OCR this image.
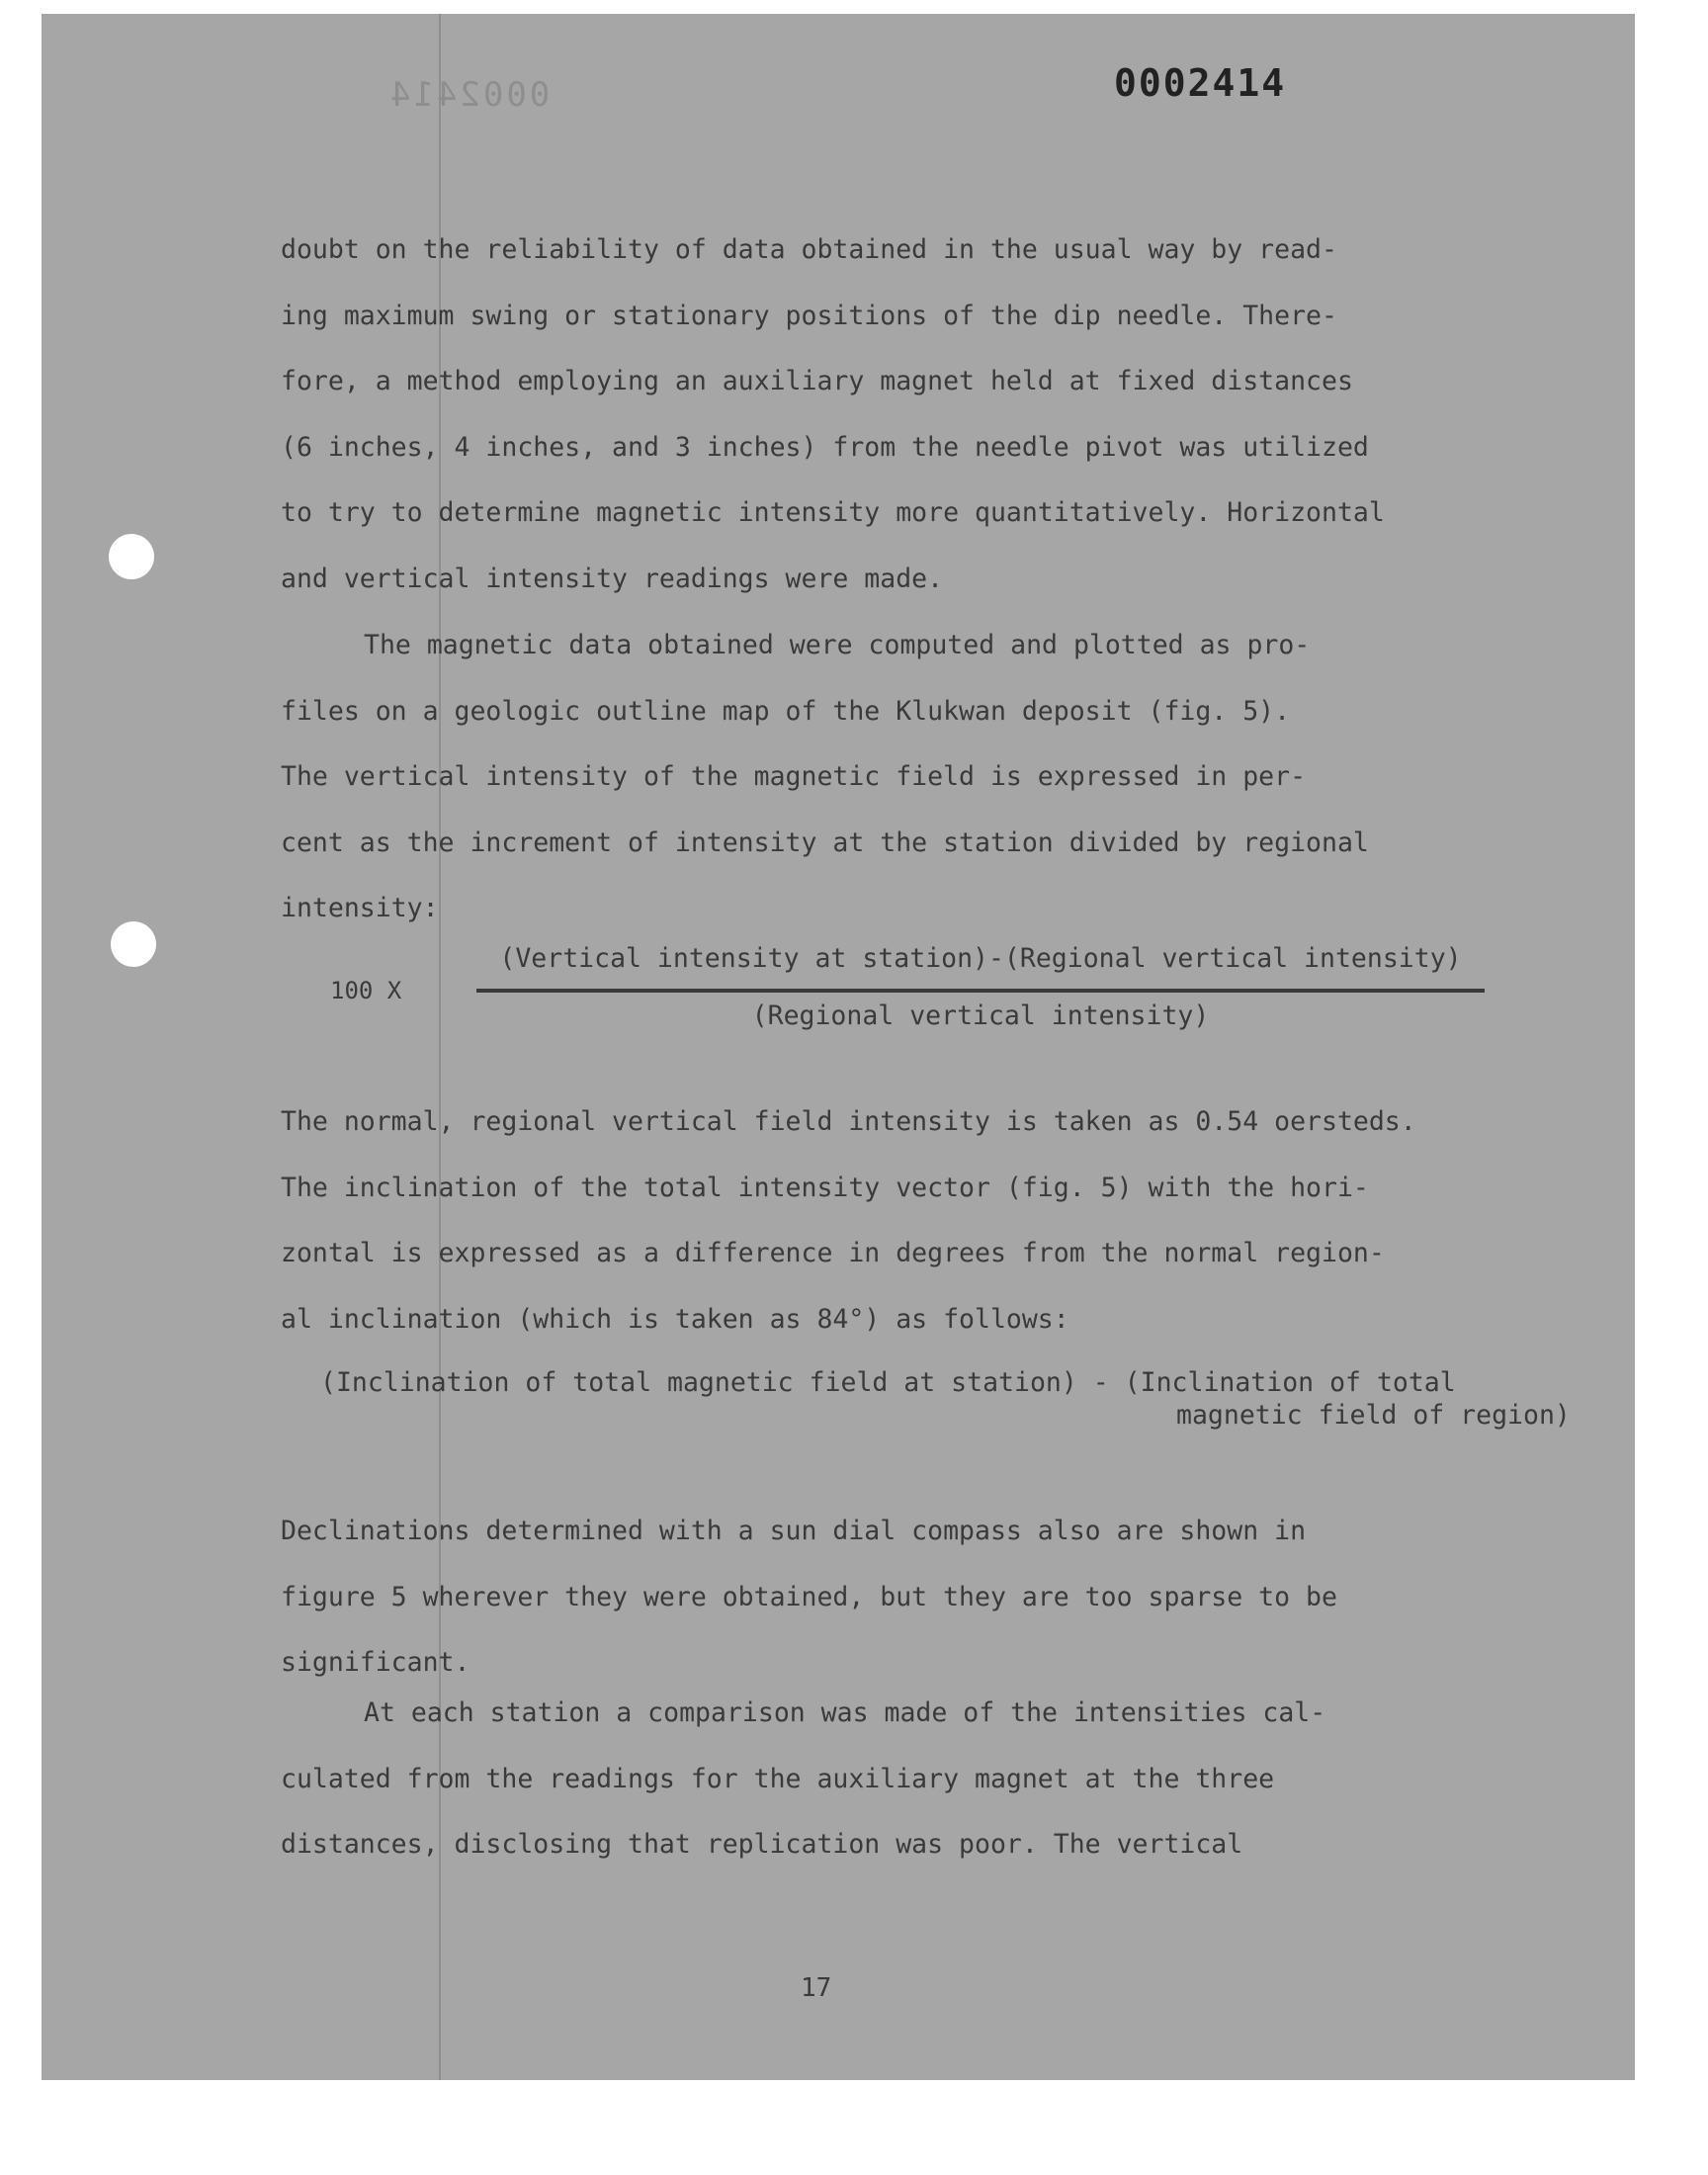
0002414	0002414

doubt on the reliability of data obtained in the usual way by read-
ing maximum swing or stationary positions of the dip needle. There-
fore, a method employing an auxiliary magnet held at fixed distances
(6 inches, 4 inches, and 3 inches) from the needle pivot was utilized
to try to determine magnetic intensity more quantitatively. Horizontal
and vertical intensity readings were made.

The magnetic data obtained were computed and plotted as pro-
files on a geologic outline map of the Klukwan deposit (fig. 5).
The vertical intensity of the magnetic field is expressed in per-
cent as the increment of intensity at the station divided by regional
intensity:

100 X
(Vertical intensity at station)-(Regional vertical intensity)
(Regional vertical intensity)

The normal, regional vertical field intensity is taken as 0.54 oersteds.
The inclination of the total intensity vector (fig. 5) with the hori-
zontal is expressed as a difference in degrees from the normal region-
al inclination (which is taken as 84°) as follows:

(Inclination of total magnetic field at station) - (Inclination of total
magnetic field of region)

Declinations determined with a sun dial compass also are shown in
figure 5 wherever they were obtained, but they are too sparse to be
significant.

At each station a comparison was made of the intensities cal-
culated from the readings for the auxiliary magnet at the three
distances, disclosing that replication was poor. The vertical

17
